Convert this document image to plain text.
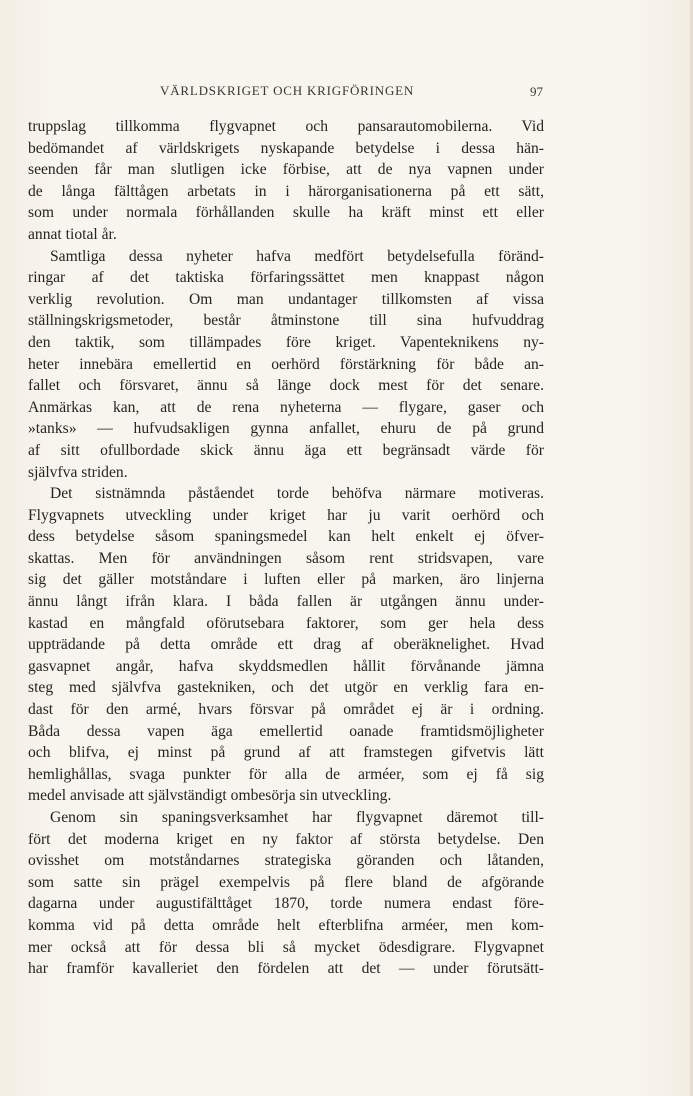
VÄRLDSKRIGET OCH KRIGFÖRINGEN	97
truppslag tillkomma flygvapnet och pansarautomobilerna. Vid
bedömandet af världskrigets nyskapande betydelse i dessa hän-
seenden får man slutligen icke förbise, att de nya vapnen under
de långa fälttågen arbetats in i härorganisationerna på ett sätt,
som under normala förhållanden skulle ha kräft minst ett eller
annat tiotal år.
Samtliga dessa nyheter hafva medfört betydelsefulla föränd-
ringar af det taktiska förfaringssättet men knappast någon
verklig revolution. Om man undantager tillkomsten af vissa
ställningskrigsmetoder, består åtminstone till sina hufvuddrag
den taktik, som tillämpades före kriget. Vapenteknikens ny-
heter innebära emellertid en oerhörd förstärkning för både an-
fallet och försvaret, ännu så länge dock mest för det senare.
Anmärkas kan, att de rena nyheterna — flygare, gaser och
»tanks» — hufvudsakligen gynna anfallet, ehuru de på grund
af sitt ofullbordade skick ännu äga ett begränsadt värde för
självfva striden.
Det sistnämnda påståendet torde behöfva närmare motiveras.
Flygvapnets utveckling under kriget har ju varit oerhörd och
dess betydelse såsom spaningsmedel kan helt enkelt ej öfver-
skattas. Men för användningen såsom rent stridsvapen, vare
sig det gäller motståndare i luften eller på marken, äro linjerna
ännu långt ifrån klara. I båda fallen är utgången ännu under-
kastad en mångfald oförutsebara faktorer, som ger hela dess
uppträdande på detta område ett drag af oberäknelighet. Hvad
gasvapnet angår, hafva skyddsmedlen hållit förvånande jämna
steg med självfva gastekniken, och det utgör en verklig fara en-
dast för den armé, hvars försvar på området ej är i ordning.
Båda dessa vapen äga emellertid oanade framtidsmöjligheter
och blifva, ej minst på grund af att framstegen gifvetvis lätt
hemlighållas, svaga punkter för alla de arméer, som ej få sig
medel anvisade att självständigt ombesörja sin utveckling.
Genom sin spaningsverksamhet har flygvapnet däremot till-
fört det moderna kriget en ny faktor af största betydelse. Den
ovisshet om motståndarnes strategiska göranden och låtanden,
som satte sin prägel exempelvis på flere bland de afgörande
dagarna under augustifälttåget 1870, torde numera endast före-
komma vid på detta område helt efterblifna arméer, men kom-
mer också att för dessa bli så mycket ödesdigrare. Flygvapnet
har framför kavalleriet den fördelen att det — under förutsätt-
